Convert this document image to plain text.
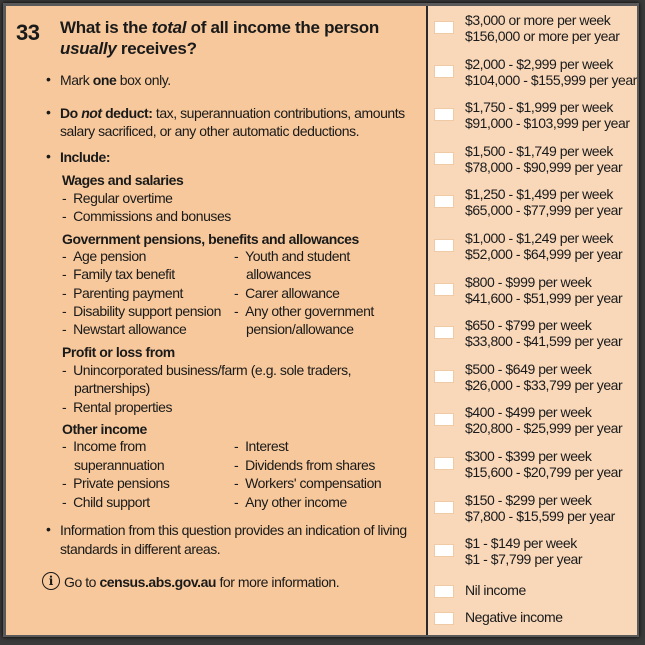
33 What is the total of all income the person
usually receives?
• Mark one box only.
• Do not deduct: tax, superannuation contributions, amounts
salary sacrificed, or any other automatic deductions.
• Include:
Wages and salaries
- Regular overtime
- Commissions and bonuses
Government pensions, benefits and allowances
- Age pension
- Family tax benefit
- Parenting payment
- Disability support pension
- Newstart allowance
- Youth and student
allowances
- Carer allowance
- Any other government
pension/allowance
Profit or loss from
- Unincorporated business/farm (e.g. sole traders,
partnerships)
- Rental properties
Other income
- Income from
superannuation
- Private pensions
- Child support
- Interest
- Dividends from shares
- Workers' compensation
- Any other income
• Information from this question provides an indication of living
standards in different areas.
i Go to census.abs.gov.au for more information.
$3,000 or more per week
$156,000 or more per year
$2,000 - $2,999 per week
$104,000 - $155,999 per year
$1,750 - $1,999 per week
$91,000 - $103,999 per year
$1,500 - $1,749 per week
$78,000 - $90,999 per year
$1,250 - $1,499 per week
$65,000 - $77,999 per year
$1,000 - $1,249 per week
$52,000 - $64,999 per year
$800 - $999 per week
$41,600 - $51,999 per year
$650 - $799 per week
$33,800 - $41,599 per year
$500 - $649 per week
$26,000 - $33,799 per year
$400 - $499 per week
$20,800 - $25,999 per year
$300 - $399 per week
$15,600 - $20,799 per year
$150 - $299 per week
$7,800 - $15,599 per year
$1 - $149 per week
$1 - $7,799 per year
Nil income
Negative income
